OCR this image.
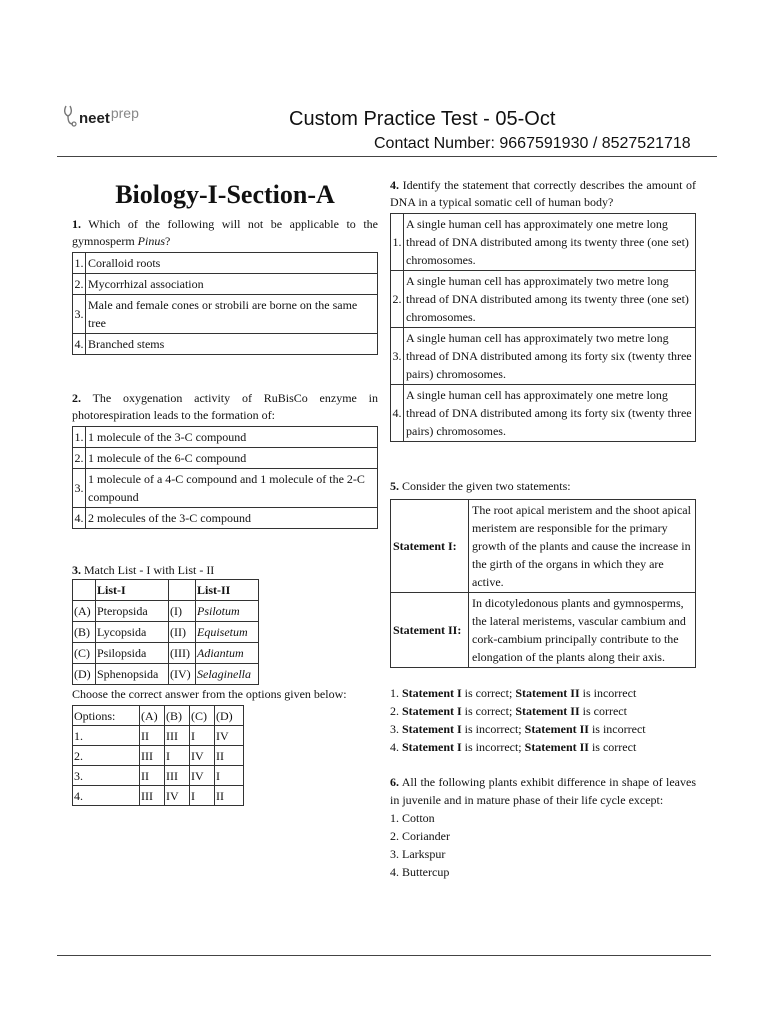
neet prep	Custom Practice Test - 05-Oct
Contact Number: 9667591930 / 8527521718
Biology-I-Section-A

1. Which of the following will not be applicable to the gymnosperm Pinus?

1.	Coralloid roots
2.	Mycorrhizal association
3.	Male and female cones or strobili are borne on the same tree
4.	Branched stems

2. The oxygenation activity of RuBisCo enzyme in photorespiration leads to the formation of:

1.	1 molecule of the 3-C compound
2.	1 molecule of the 6-C compound
3.	1 molecule of a 4-C compound and 1 molecule of the 2-C compound
4.	2 molecules of the 3-C compound

3. Match List - I with List - II

	List-I		List-II
(A)	Pteropsida	(I)	Psilotum
(B)	Lycopsida	(II)	Equisetum
(C)	Psilopsida	(III)	Adiantum
(D)	Sphenopsida	(IV)	Selaginella

Choose the correct answer from the options given below:

Options:	(A)	(B)	(C)	(D)
1.	II	III	I	IV
2.	III	I	IV	II
3.	II	III	IV	I
4.	III	IV	I	II

4. Identify the statement that correctly describes the amount of DNA in a typical somatic cell of human body?

1.	A single human cell has approximately one metre long thread of DNA distributed among its twenty three (one set) chromosomes.
2.	A single human cell has approximately two metre long thread of DNA distributed among its twenty three (one set) chromosomes.
3.	A single human cell has approximately two metre long thread of DNA distributed among its forty six (twenty three pairs) chromosomes.
4.	A single human cell has approximately one metre long thread of DNA distributed among its forty six (twenty three pairs) chromosomes.

5. Consider the given two statements:

Statement I:	The root apical meristem and the shoot apical meristem are responsible for the primary growth of the plants and cause the increase in the girth of the organs in which they are active.
Statement II:	In dicotyledonous plants and gymnosperms, the lateral meristems, vascular cambium and cork-cambium principally contribute to the elongation of the plants along their axis.
1. Statement I is correct; Statement II is incorrect
2. Statement I is correct; Statement II is correct
3. Statement I is incorrect; Statement II is incorrect
4. Statement I is incorrect; Statement II is correct

6. All the following plants exhibit difference in shape of leaves in juvenile and in mature phase of their life cycle except:

1. Cotton
2. Coriander
3. Larkspur
4. Buttercup
